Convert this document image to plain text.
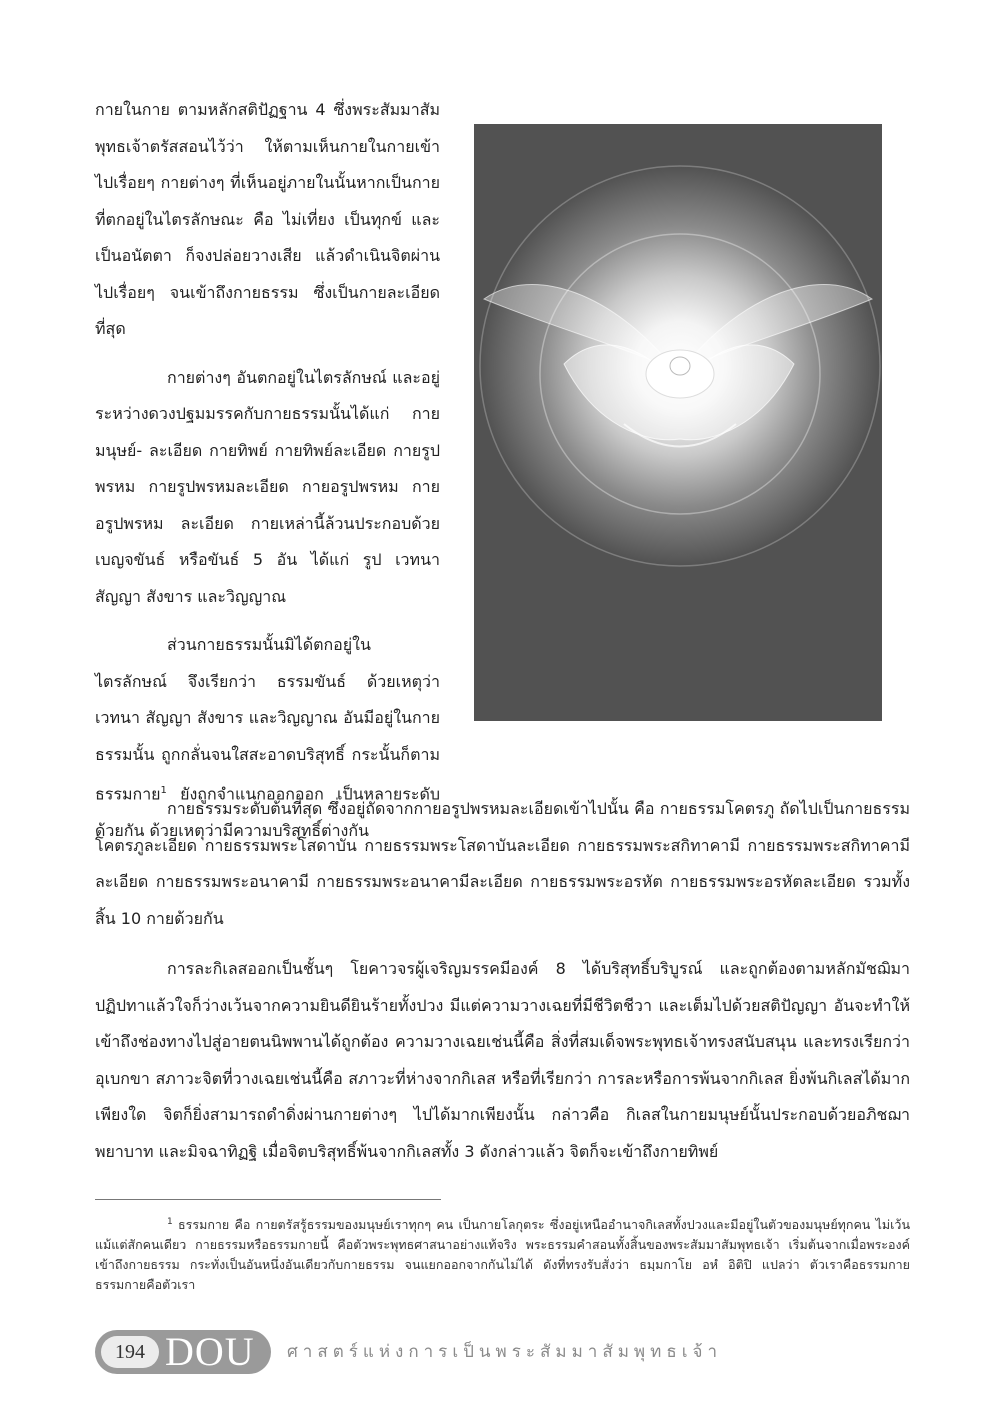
กายในกาย ตามหลักสติปัฏฐาน 4 ซึ่งพระสัมมาสัมพุทธเจ้าตรัสสอนไว้ว่า ให้ตามเห็นกายในกายเข้าไปเรื่อยๆ กายต่างๆ ที่เห็นอยู่ภายในนั้นหากเป็นกายที่ตกอยู่ในไตรลักษณะ คือ ไม่เที่ยง เป็นทุกข์ และเป็นอนัตตา ก็จงปล่อยวางเสีย แล้วดำเนินจิตผ่านไปเรื่อยๆ จนเข้าถึงกายธรรม ซึ่งเป็นกายละเอียดที่สุด

กายต่างๆ อันตกอยู่ในไตรลักษณ์ และอยู่ระหว่างดวงปฐมมรรคกับกายธรรมนั้นได้แก่ กายมนุษย์- ละเอียด กายทิพย์ กายทิพย์ละเอียด กายรูปพรหม กายรูปพรหมละเอียด กายอรูปพรหม กายอรูปพรหม ละเอียด กายเหล่านี้ล้วนประกอบด้วยเบญจขันธ์ หรือขันธ์ 5 อัน ได้แก่ รูป เวทนา สัญญา สังขาร และวิญญาณ

ส่วนกายธรรมนั้นมิได้ตกอยู่ในไตรลักษณ์ จึงเรียกว่า ธรรมขันธ์ ด้วยเหตุว่า เวทนา สัญญา สังขาร และวิญญาณ อันมีอยู่ในกายธรรมนั้น ถูกกลั่นจนใสสะอาดบริสุทธิ์ กระนั้นก็ตามธรรมกาย$^1$ ยังถูกจำแนกออกออก เป็นหลายระดับด้วยกัน ด้วยเหตุว่ามีความบริสุทธิ์ต่างกัน

กายธรรมระดับต้นที่สุด ซึ่งอยู่ถัดจากกายอรูปพรหมละเอียดเข้าไปนั้น คือ กายธรรมโคตรภู ถัดไปเป็นกายธรรมโคตรภูละเอียด กายธรรมพระโสดาบัน กายธรรมพระโสดาบันละเอียด กายธรรมพระสกิทาคามี กายธรรมพระสกิทาคามีละเอียด กายธรรมพระอนาคามี กายธรรมพระอนาคามีละเอียด กายธรรมพระอรหัต กายธรรมพระอรหัตละเอียด รวมทั้งสิ้น 10 กายด้วยกัน

การละกิเลสออกเป็นชั้นๆ โยคาวจรผู้เจริญมรรคมีองค์ 8 ได้บริสุทธิ์บริบูรณ์ และถูกต้องตามหลักมัชฌิมาปฏิปทาแล้วใจก็ว่างเว้นจากความยินดียินร้ายทั้งปวง มีแต่ความวางเฉยที่มีชีวิตชีวา และเต็มไปด้วยสติปัญญา อันจะทำให้เข้าถึงช่องทางไปสู่อายตนนิพพานได้ถูกต้อง ความวางเฉยเช่นนี้คือ สิ่งที่สมเด็จพระพุทธเจ้าทรงสนับสนุน และทรงเรียกว่า อุเบกขา สภาวะจิตที่วางเฉยเช่นนี้คือ สภาวะที่ห่างจากกิเลส หรือที่เรียกว่า การละหรือการพ้นจากกิเลส ยิ่งพ้นกิเลสได้มากเพียงใด จิตก็ยิ่งสามารถดำดิ่งผ่านกายต่างๆ ไปได้มากเพียงนั้น กล่าวคือ กิเลสในกายมนุษย์นั้นประกอบด้วยอภิชฌา พยาบาท และมิจฉาทิฏฐิ เมื่อจิตบริสุทธิ์พ้นจากกิเลสทั้ง 3 ดังกล่าวแล้ว จิตก็จะเข้าถึงกายทิพย์

$^1$ ธรรมกาย คือ กายตรัสรู้ธรรมของมนุษย์เราทุกๆ คน เป็นกายโลกุตระ ซึ่งอยู่เหนืออำนาจกิเลสทั้งปวงและมีอยู่ในตัวของมนุษย์ทุกคน ไม่เว้นแม้แต่สักคนเดียว กายธรรมหรือธรรมกายนี้ คือตัวพระพุทธศาสนาอย่างแท้จริง พระธรรมคำสอนทั้งสิ้นของพระสัมมาสัมพุทธเจ้า เริ่มต้นจากเมื่อพระองค์เข้าถึงกายธรรม กระทั่งเป็นอันหนึ่งอันเดียวกับกายธรรม จนแยกออกจากกันไม่ได้ ดังที่ทรงรับสั่งว่า ธมฺมกาโย อหํ อิติปิ แปลว่า ตัวเราคือธรรมกาย ธรรมกายคือตัวเรา

194 DOU ศาสตร์แห่งการเป็นพระสัมมาสัมพุทธเจ้า
